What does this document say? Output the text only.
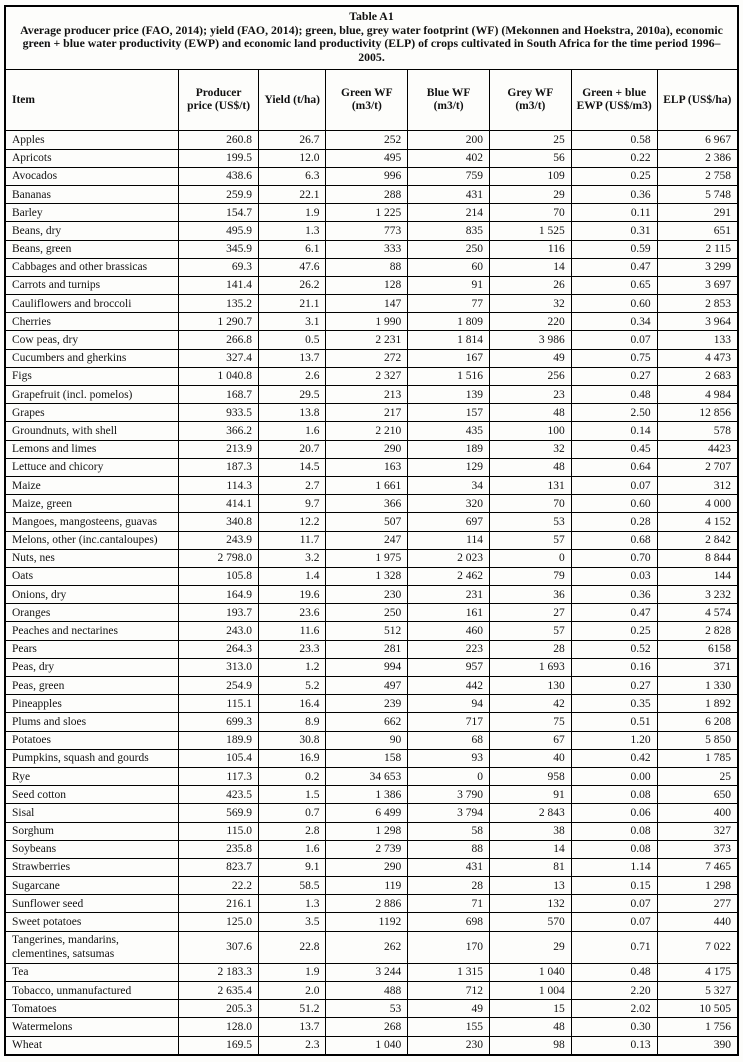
Table A1
Average producer price (FAO, 2014); yield (FAO, 2014); green, blue, grey water footprint (WF) (Mekonnen and Hoekstra, 2010a), economic green + blue water productivity (EWP) and economic land productivity (ELP) of crops cultivated in South Africa for the time period 1996–2005.							

Item	Producer price (US$/t)	Yield (t/ha)	Green WF (m3/t)	Blue WF (m3/t)	Grey WF (m3/t)	Green + blue EWP (US$/m3)	ELP (US$/ha)
Apples	260.8	26.7	252	200	25	0.58	6 967
Apricots	199.5	12.0	495	402	56	0.22	2 386
Avocados	438.6	6.3	996	759	109	0.25	2 758
Bananas	259.9	22.1	288	431	29	0.36	5 748
Barley	154.7	1.9	1 225	214	70	0.11	291
Beans, dry	495.9	1.3	773	835	1 525	0.31	651
Beans, green	345.9	6.1	333	250	116	0.59	2 115
Cabbages and other brassicas	69.3	47.6	88	60	14	0.47	3 299
Carrots and turnips	141.4	26.2	128	91	26	0.65	3 697
Cauliflowers and broccoli	135.2	21.1	147	77	32	0.60	2 853
Cherries	1 290.7	3.1	1 990	1 809	220	0.34	3 964
Cow peas, dry	266.8	0.5	2 231	1 814	3 986	0.07	133
Cucumbers and gherkins	327.4	13.7	272	167	49	0.75	4 473
Figs	1 040.8	2.6	2 327	1 516	256	0.27	2 683
Grapefruit (incl. pomelos)	168.7	29.5	213	139	23	0.48	4 984
Grapes	933.5	13.8	217	157	48	2.50	12 856
Groundnuts, with shell	366.2	1.6	2 210	435	100	0.14	578
Lemons and limes	213.9	20.7	290	189	32	0.45	4423
Lettuce and chicory	187.3	14.5	163	129	48	0.64	2 707
Maize	114.3	2.7	1 661	34	131	0.07	312
Maize, green	414.1	9.7	366	320	70	0.60	4 000
Mangoes, mangosteens, guavas	340.8	12.2	507	697	53	0.28	4 152
Melons, other (inc.cantaloupes)	243.9	11.7	247	114	57	0.68	2 842
Nuts, nes	2 798.0	3.2	1 975	2 023	0	0.70	8 844
Oats	105.8	1.4	1 328	2 462	79	0.03	144
Onions, dry	164.9	19.6	230	231	36	0.36	3 232
Oranges	193.7	23.6	250	161	27	0.47	4 574
Peaches and nectarines	243.0	11.6	512	460	57	0.25	2 828
Pears	264.3	23.3	281	223	28	0.52	6158
Peas, dry	313.0	1.2	994	957	1 693	0.16	371
Peas, green	254.9	5.2	497	442	130	0.27	1 330
Pineapples	115.1	16.4	239	94	42	0.35	1 892
Plums and sloes	699.3	8.9	662	717	75	0.51	6 208
Potatoes	189.9	30.8	90	68	67	1.20	5 850
Pumpkins, squash and gourds	105.4	16.9	158	93	40	0.42	1 785
Rye	117.3	0.2	34 653	0	958	0.00	25
Seed cotton	423.5	1.5	1 386	3 790	91	0.08	650
Sisal	569.9	0.7	6 499	3 794	2 843	0.06	400
Sorghum	115.0	2.8	1 298	58	38	0.08	327
Soybeans	235.8	1.6	2 739	88	14	0.08	373
Strawberries	823.7	9.1	290	431	81	1.14	7 465
Sugarcane	22.2	58.5	119	28	13	0.15	1 298
Sunflower seed	216.1	1.3	2 886	71	132	0.07	277
Sweet potatoes	125.0	3.5	1192	698	570	0.07	440
Tangerines, mandarins, clementines, satsumas	307.6	22.8	262	170	29	0.71	7 022
Tea	2 183.3	1.9	3 244	1 315	1 040	0.48	4 175
Tobacco, unmanufactured	2 635.4	2.0	488	712	1 004	2.20	5 327
Tomatoes	205.3	51.2	53	49	15	2.02	10 505
Watermelons	128.0	13.7	268	155	48	0.30	1 756
Wheat	169.5	2.3	1 040	230	98	0.13	390
